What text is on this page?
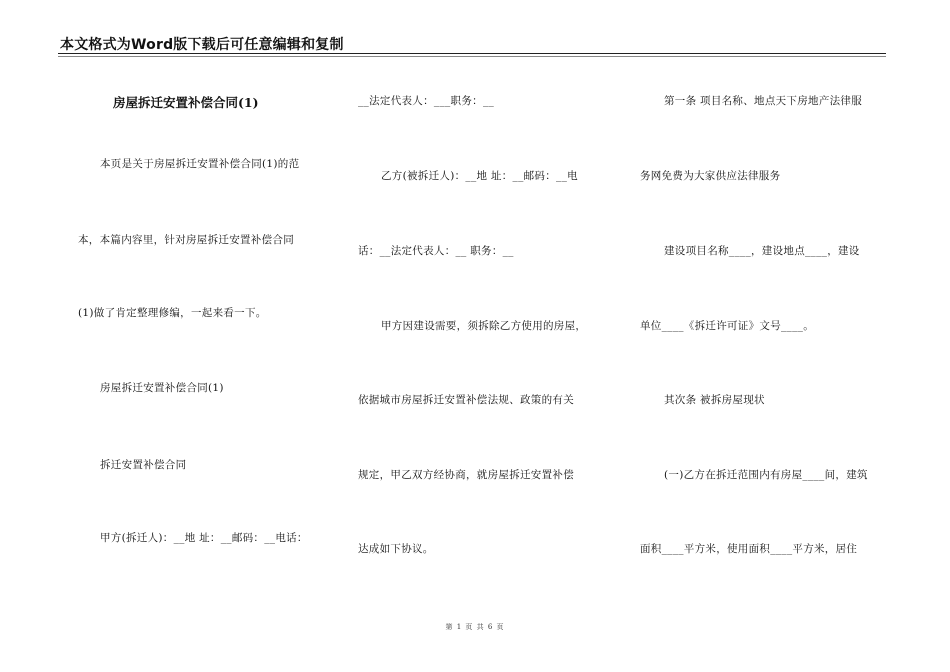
本文格式为Word版下载后可任意编辑和复制
房屋拆迁安置补偿合同(1)
本页是关于房屋拆迁安置补偿合同(1)的范
本，本篇内容里，针对房屋拆迁安置补偿合同
(1)做了肯定整理修编，一起来看一下。
房屋拆迁安置补偿合同(1)
拆迁安置补偿合同
甲方(拆迁人)：__地 址：__邮码：__电话：
__法定代表人：___职务：__
乙方(被拆迁人)：__地 址：__邮码：__电
话：__法定代表人：__ 职务：__
甲方因建设需要，须拆除乙方使用的房屋，
依据城市房屋拆迁安置补偿法规、政策的有关
规定，甲乙双方经协商，就房屋拆迁安置补偿
达成如下协议。
第一条 项目名称、地点天下房地产法律服
务网免费为大家供应法律服务
建设项目名称____，建设地点____，建设
单位____《拆迁许可证》文号____。
其次条 被拆房屋现状
(一)乙方在拆迁范围内有房屋____间，建筑
面积____平方米，使用面积____平方米，居住
第 1 页 共 6 页
